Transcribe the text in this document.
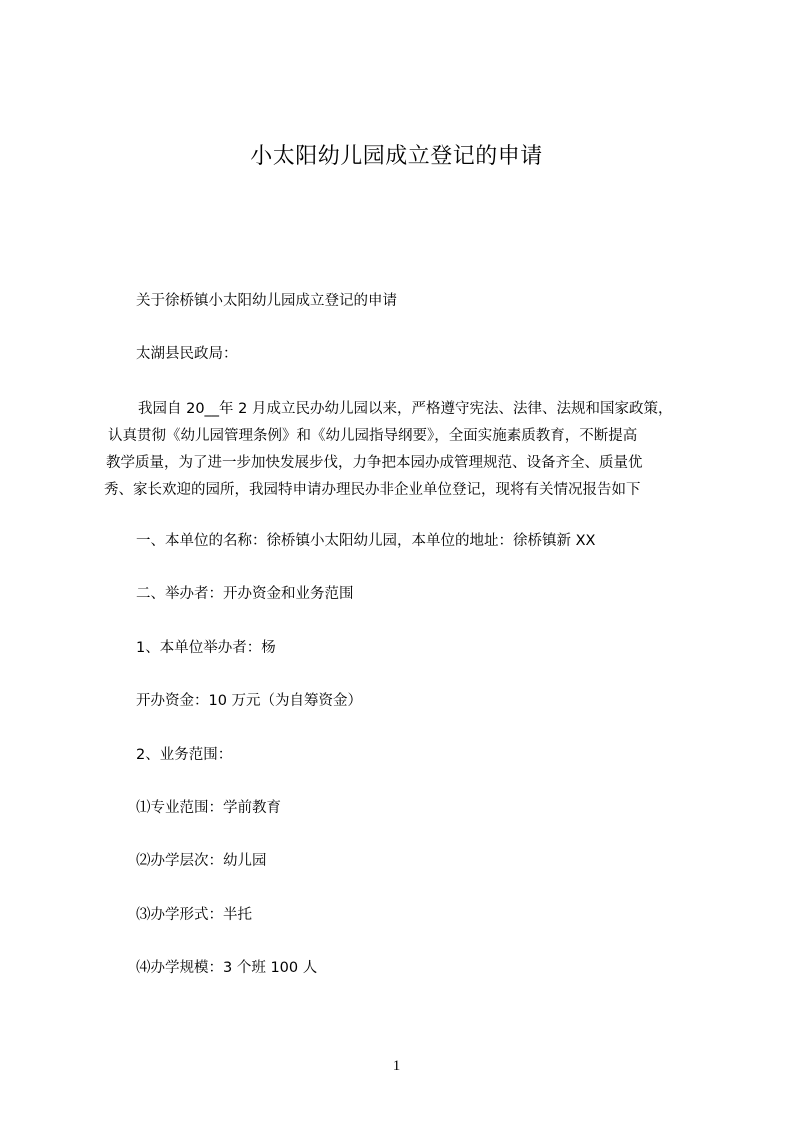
小太阳幼儿园成立登记的申请
关于徐桥镇小太阳幼儿园成立登记的申请
太湖县民政局：
我园自 20__年 2 月成立民办幼儿园以来，严格遵守宪法、法律、法规和国家政策，
认真贯彻《幼儿园管理条例》和《幼儿园指导纲要》，全面实施素质教育，不断提高
教学质量，为了进一步加快发展步伐，力争把本园办成管理规范、设备齐全、质量优
秀、家长欢迎的园所，我园特申请办理民办非企业单位登记，现将有关情况报告如下
一、本单位的名称：徐桥镇小太阳幼儿园，本单位的地址：徐桥镇新 XX
二、举办者：开办资金和业务范围
1、本单位举办者：杨
开办资金：10 万元（为自筹资金）
2、业务范围：
⑴专业范围：学前教育
⑵办学层次：幼儿园
⑶办学形式：半托
⑷办学规模：3 个班 100 人
1
